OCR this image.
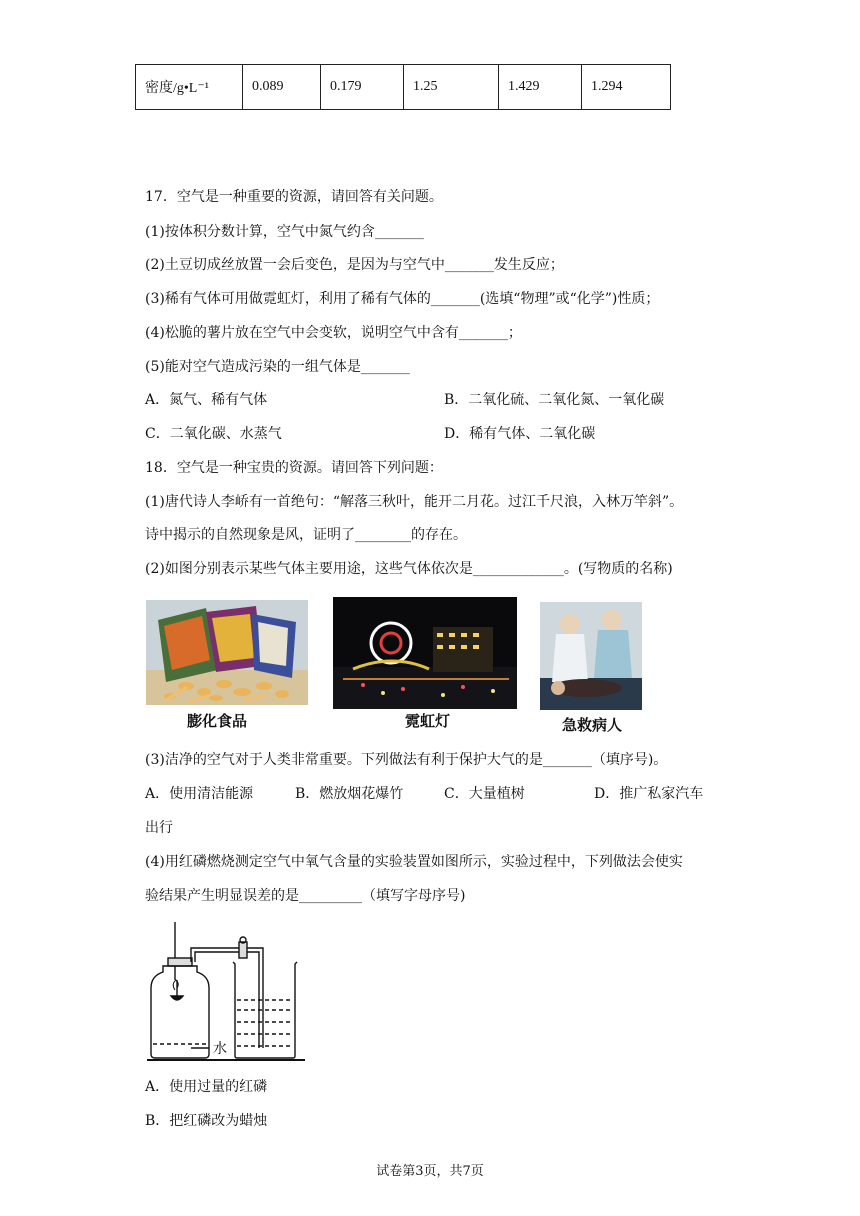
密度/g•L⁻¹	0.089	0.179	1.25	1.429	1.294
17．空气是一种重要的资源，请回答有关问题。
(1)按体积分数计算，空气中氮气约含_______
(2)土豆切成丝放置一会后变色，是因为与空气中_______发生反应；
(3)稀有气体可用做霓虹灯，利用了稀有气体的_______(选填“物理”或“化学”)性质；
(4)松脆的薯片放在空气中会变软，说明空气中含有_______；
(5)能对空气造成污染的一组气体是_______
A．氮气、稀有气体	B．二氧化硫、二氧化氮、一氧化碳
C．二氧化碳、水蒸气	D．稀有气体、二氧化碳
18．空气是一种宝贵的资源。请回答下列问题：
(1)唐代诗人李峤有一首绝句：“解落三秋叶，能开二月花。过江千尺浪，入林万竿斜”。
诗中揭示的自然现象是风，证明了________的存在。
(2)如图分别表示某些气体主要用途，这些气体依次是_____________。(写物质的名称)
膨化食品	霓虹灯	急救病人
(3)洁净的空气对于人类非常重要。下列做法有利于保护大气的是_______（填序号)。
A．使用清洁能源	B．燃放烟花爆竹	C．大量植树	D．推广私家汽车
出行
(4)用红磷燃烧测定空气中氧气含量的实验装置如图所示，实验过程中，下列做法会使实
验结果产生明显误差的是_________（填写字母序号)
水
A．使用过量的红磷
B．把红磷改为蜡烛
试卷第3页，共7页
